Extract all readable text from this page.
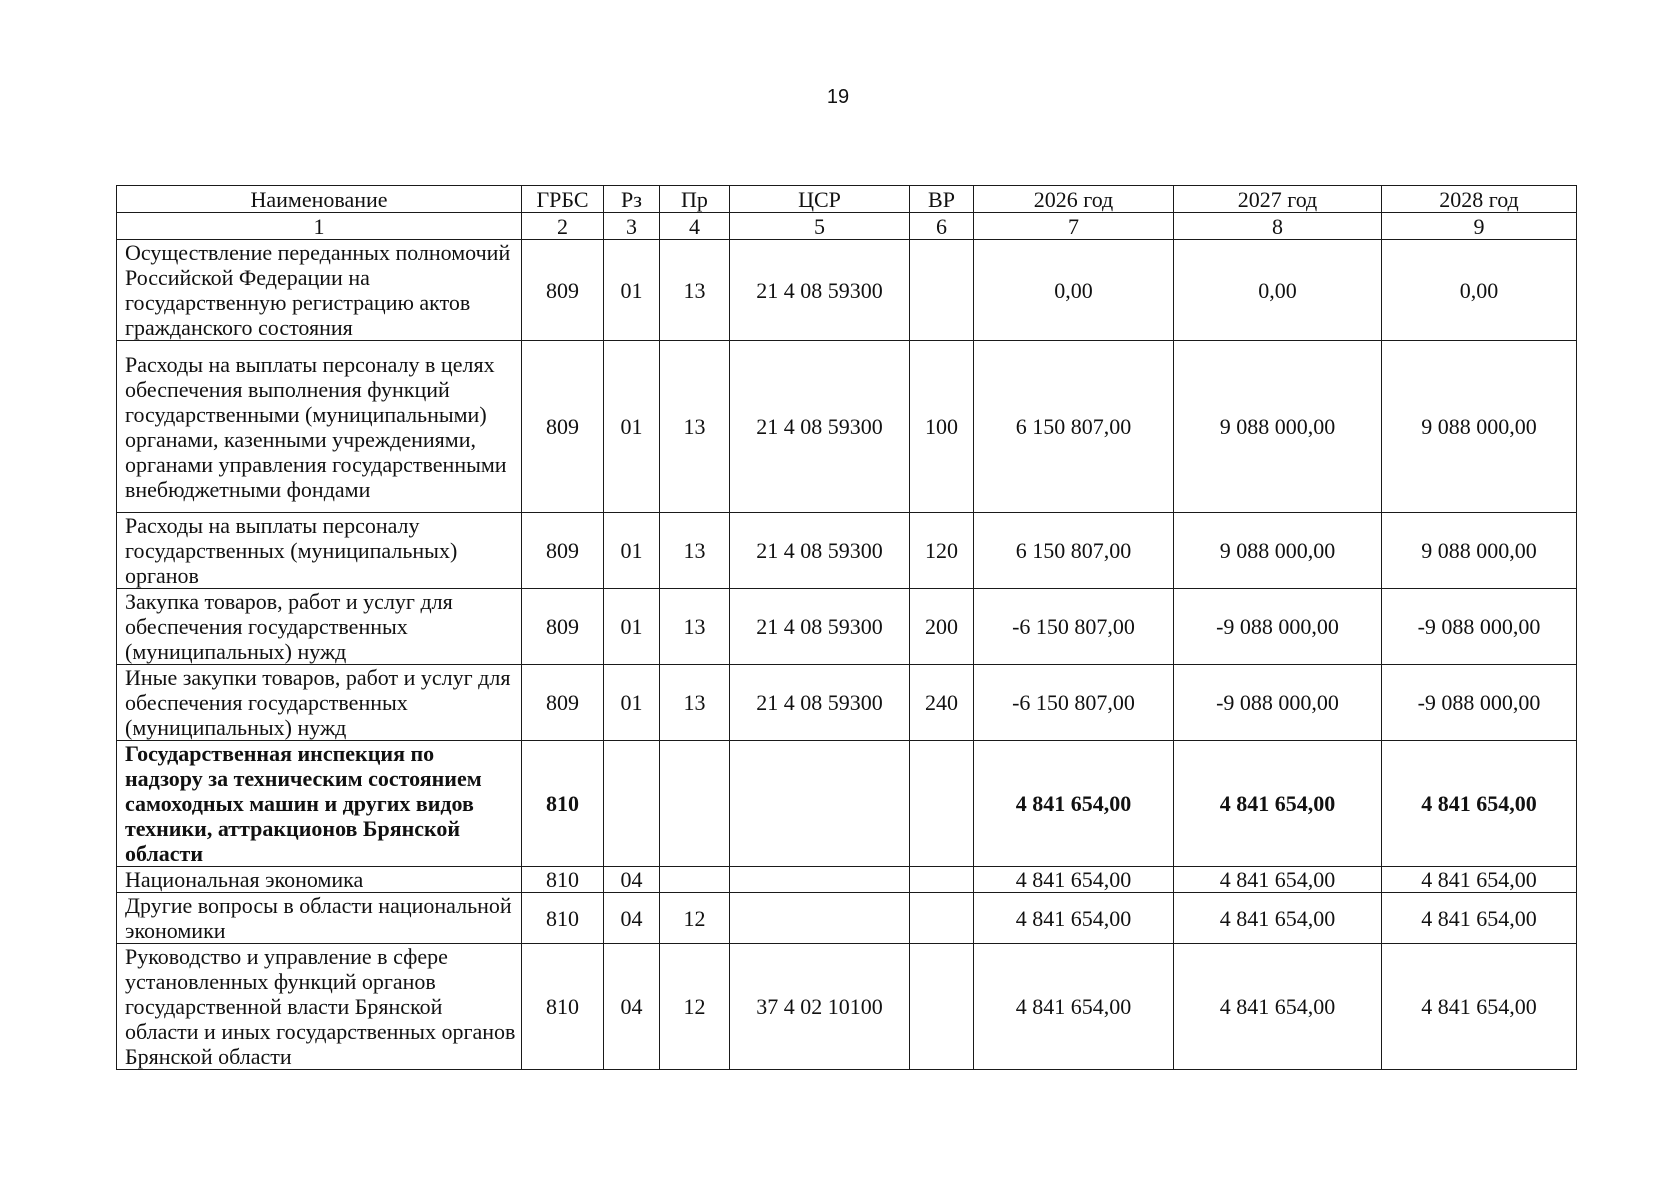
19
Наименование	ГРБС	Рз	Пр	ЦСР	ВР	2026 год	2027 год	2028 год
1	2	3	4	5	6	7	8	9
Осуществление переданных полномочий Российской Федерации на государственную регистрацию актов гражданского состояния	809	01	13	21 4 08 59300		0,00	0,00	0,00
Расходы на выплаты персоналу в целях обеспечения выполнения функций государственными (муниципальными) органами, казенными учреждениями, органами управления государственными внебюджетными фондами	809	01	13	21 4 08 59300	100	6 150 807,00	9 088 000,00	9 088 000,00
Расходы на выплаты персоналу государственных (муниципальных) органов	809	01	13	21 4 08 59300	120	6 150 807,00	9 088 000,00	9 088 000,00
Закупка товаров, работ и услуг для обеспечения государственных (муниципальных) нужд	809	01	13	21 4 08 59300	200	-6 150 807,00	-9 088 000,00	-9 088 000,00
Иные закупки товаров, работ и услуг для обеспечения государственных (муниципальных) нужд	809	01	13	21 4 08 59300	240	-6 150 807,00	-9 088 000,00	-9 088 000,00
Государственная инспекция по надзору за техническим состоянием самоходных машин и других видов техники, аттракционов Брянской области	810					4 841 654,00	4 841 654,00	4 841 654,00
Национальная экономика	810	04				4 841 654,00	4 841 654,00	4 841 654,00
Другие вопросы в области национальной экономики	810	04	12			4 841 654,00	4 841 654,00	4 841 654,00
Руководство и управление в сфере установленных функций органов государственной власти Брянской области и иных государственных органов Брянской области	810	04	12	37 4 02 10100		4 841 654,00	4 841 654,00	4 841 654,00
